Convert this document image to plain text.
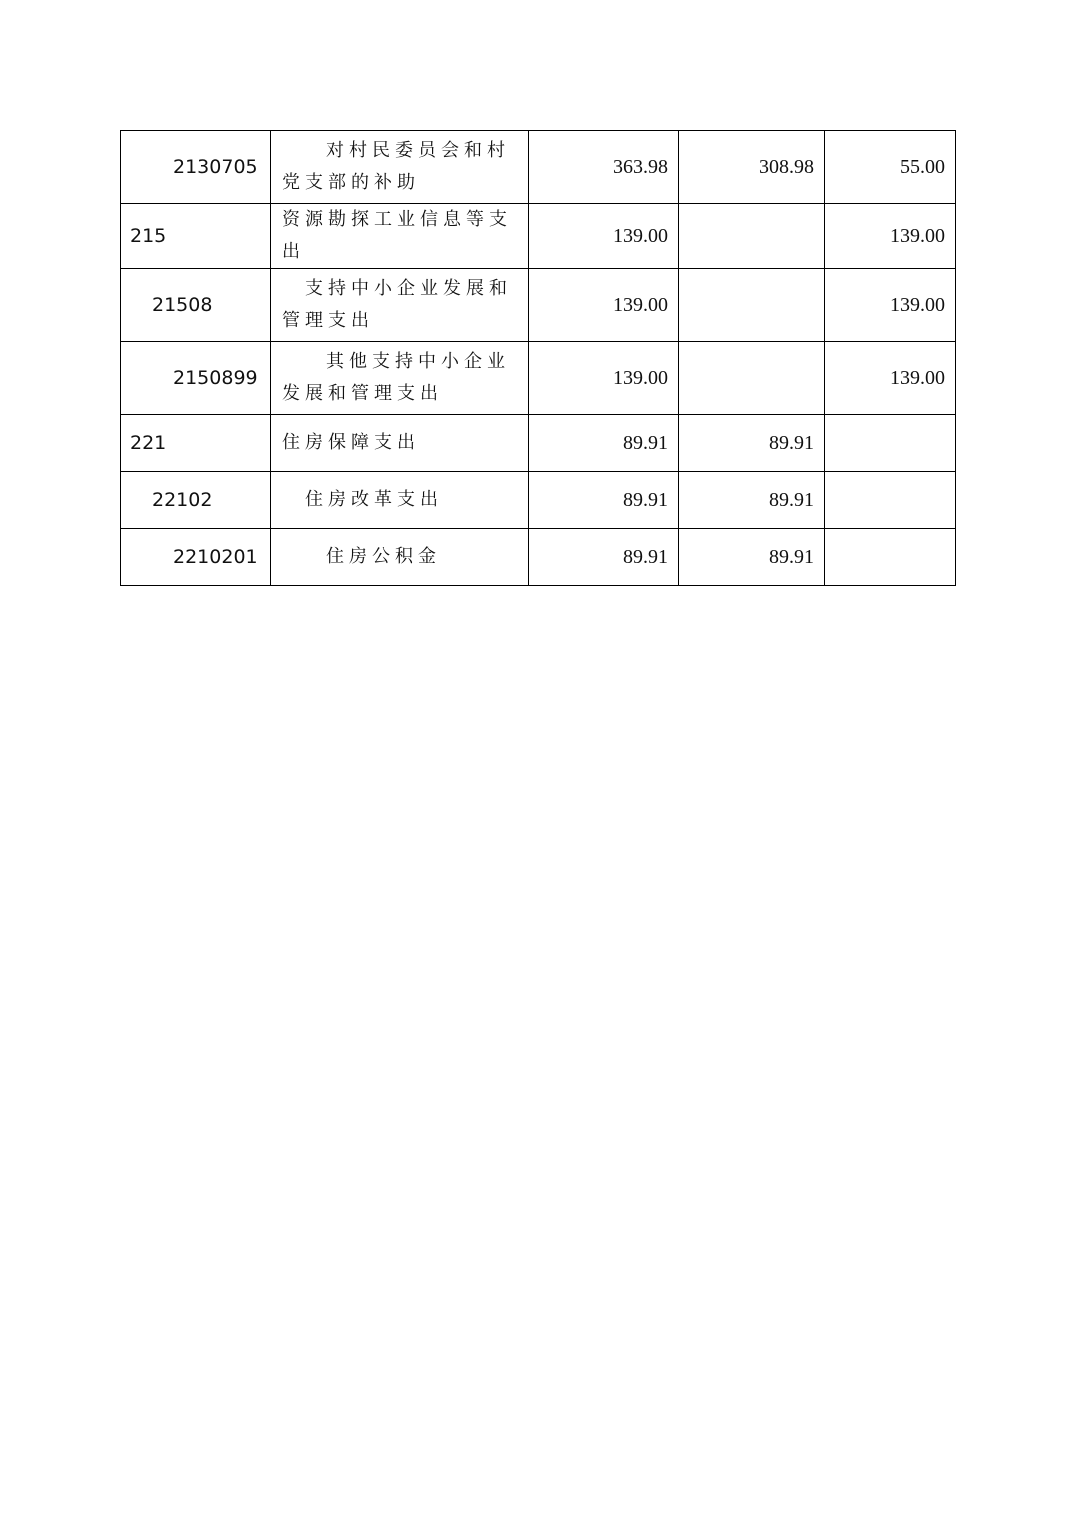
2130705	对村民委员会和村党支部的补助	363.98	308.98	55.00
215	资源勘探工业信息等支出	139.00		139.00
21508	支持中小企业发展和管理支出	139.00		139.00
2150899	其他支持中小企业发展和管理支出	139.00		139.00
221	住房保障支出	89.91	89.91	
22102	住房改革支出	89.91	89.91	
2210201	住房公积金	89.91	89.91	
